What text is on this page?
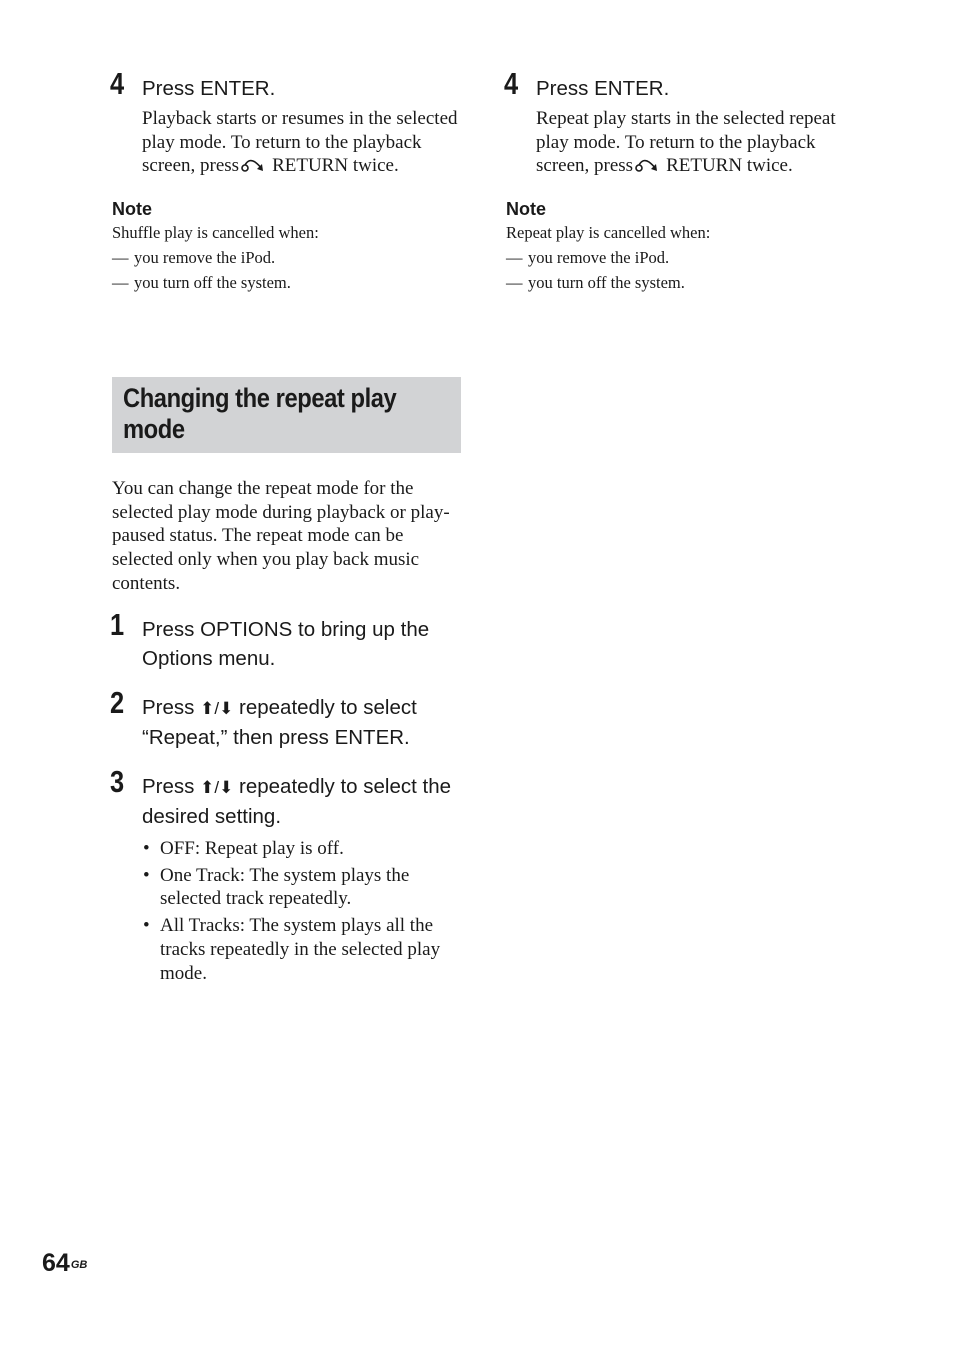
4 Press ENTER.

Playback starts or resumes in the selected play mode. To return to the playback screen, press RETURN twice.

Note

Shuffle play is cancelled when:

— you remove the iPod.
— you turn off the system.
4 Press ENTER.

Repeat play starts in the selected repeat play mode. To return to the playback screen, press RETURN twice.

Note

Repeat play is cancelled when:

— you remove the iPod.
— you turn off the system.
Changing the repeat play mode

You can change the repeat mode for the selected play mode during playback or play-paused status. The repeat mode can be selected only when you play back music contents.

1 Press OPTIONS to bring up the Options menu.

2 Press ⬆/⬇ repeatedly to select “Repeat,” then press ENTER.

3 Press ⬆/⬇ repeatedly to select the desired setting.

• OFF: Repeat play is off.
• One Track: The system plays the selected track repeatedly.
• All Tracks: The system plays all the tracks repeatedly in the selected play mode.
$64^{GB}$
